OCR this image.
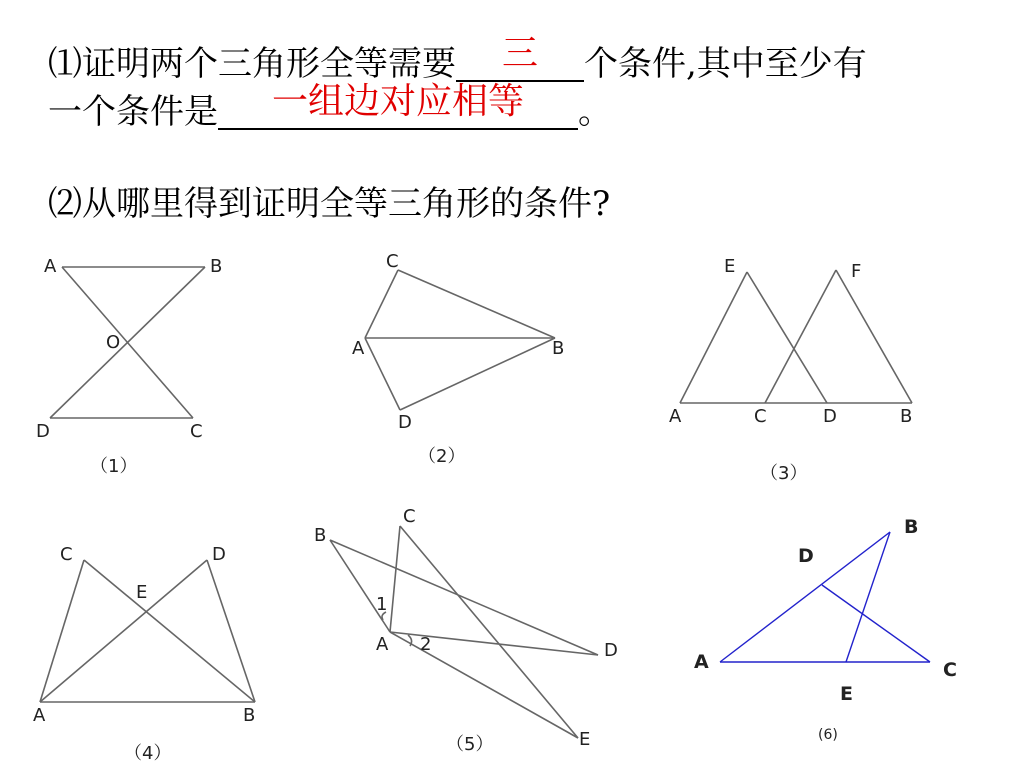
⑴证明两个三角形全等需要 三 个条件,其中至少有
一个条件是 一组边对应相等 。
⑵从哪里得到证明全等三角形的条件?
A	B
O
D	C
（1）
C
A	B
D
（2）
E	F
A	C	D	B
（3）
C	D
E
A	B
（4）
B
C
1
A 2	D
E
（5）
D
B
A	C
E
(6)
